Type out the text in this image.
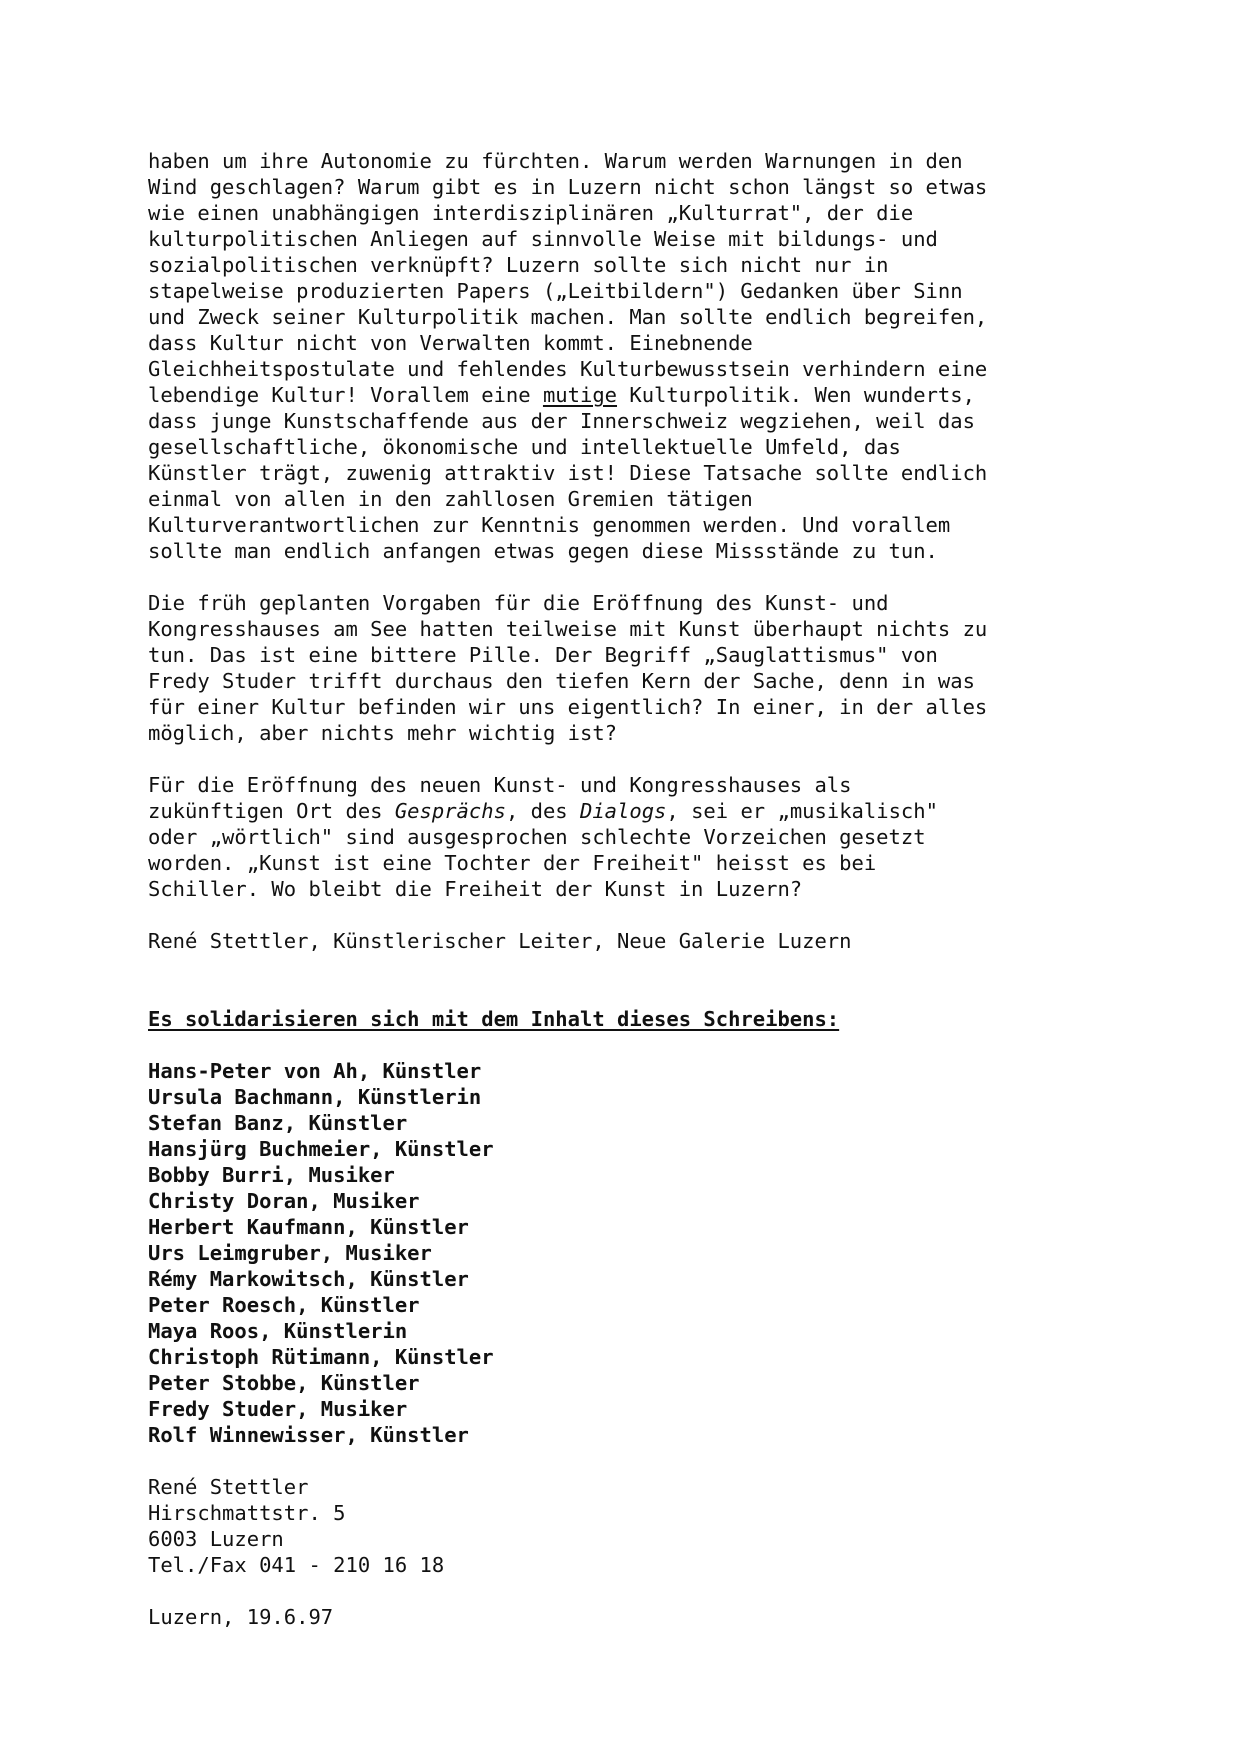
haben um ihre Autonomie zu fürchten. Warum werden Warnungen in den
Wind geschlagen? Warum gibt es in Luzern nicht schon längst so etwas
wie einen unabhängigen interdisziplinären „Kulturrat", der die
kulturpolitischen Anliegen auf sinnvolle Weise mit bildungs- und
sozialpolitischen verknüpft? Luzern sollte sich nicht nur in
stapelweise produzierten Papers („Leitbildern") Gedanken über Sinn
und Zweck seiner Kulturpolitik machen. Man sollte endlich begreifen,
dass Kultur nicht von Verwalten kommt. Einebnende
Gleichheitspostulate und fehlendes Kulturbewusstsein verhindern eine
lebendige Kultur! Vorallem eine mutige Kulturpolitik. Wen wunderts,
dass junge Kunstschaffende aus der Innerschweiz wegziehen, weil das
gesellschaftliche, ökonomische und intellektuelle Umfeld, das
Künstler trägt, zuwenig attraktiv ist! Diese Tatsache sollte endlich
einmal von allen in den zahllosen Gremien tätigen
Kulturverantwortlichen zur Kenntnis genommen werden. Und vorallem
sollte man endlich anfangen etwas gegen diese Missstände zu tun.
Die früh geplanten Vorgaben für die Eröffnung des Kunst- und
Kongresshauses am See hatten teilweise mit Kunst überhaupt nichts zu
tun. Das ist eine bittere Pille. Der Begriff „Sauglattismus" von
Fredy Studer trifft durchaus den tiefen Kern der Sache, denn in was
für einer Kultur befinden wir uns eigentlich? In einer, in der alles
möglich, aber nichts mehr wichtig ist?
Für die Eröffnung des neuen Kunst- und Kongresshauses als
zukünftigen Ort des Gesprächs, des Dialogs, sei er „musikalisch"
oder „wörtlich" sind ausgesprochen schlechte Vorzeichen gesetzt
worden. „Kunst ist eine Tochter der Freiheit" heisst es bei
Schiller. Wo bleibt die Freiheit der Kunst in Luzern?
René Stettler, Künstlerischer Leiter, Neue Galerie Luzern
Es solidarisieren sich mit dem Inhalt dieses Schreibens:
Hans-Peter von Ah, Künstler
Ursula Bachmann, Künstlerin
Stefan Banz, Künstler
Hansjürg Buchmeier, Künstler
Bobby Burri, Musiker
Christy Doran, Musiker
Herbert Kaufmann, Künstler
Urs Leimgruber, Musiker
Rémy Markowitsch, Künstler
Peter Roesch, Künstler
Maya Roos, Künstlerin
Christoph Rütimann, Künstler
Peter Stobbe, Künstler
Fredy Studer, Musiker
Rolf Winnewisser, Künstler
René Stettler
Hirschmattstr. 5
6003 Luzern
Tel./Fax 041 - 210 16 18
Luzern, 19.6.97
